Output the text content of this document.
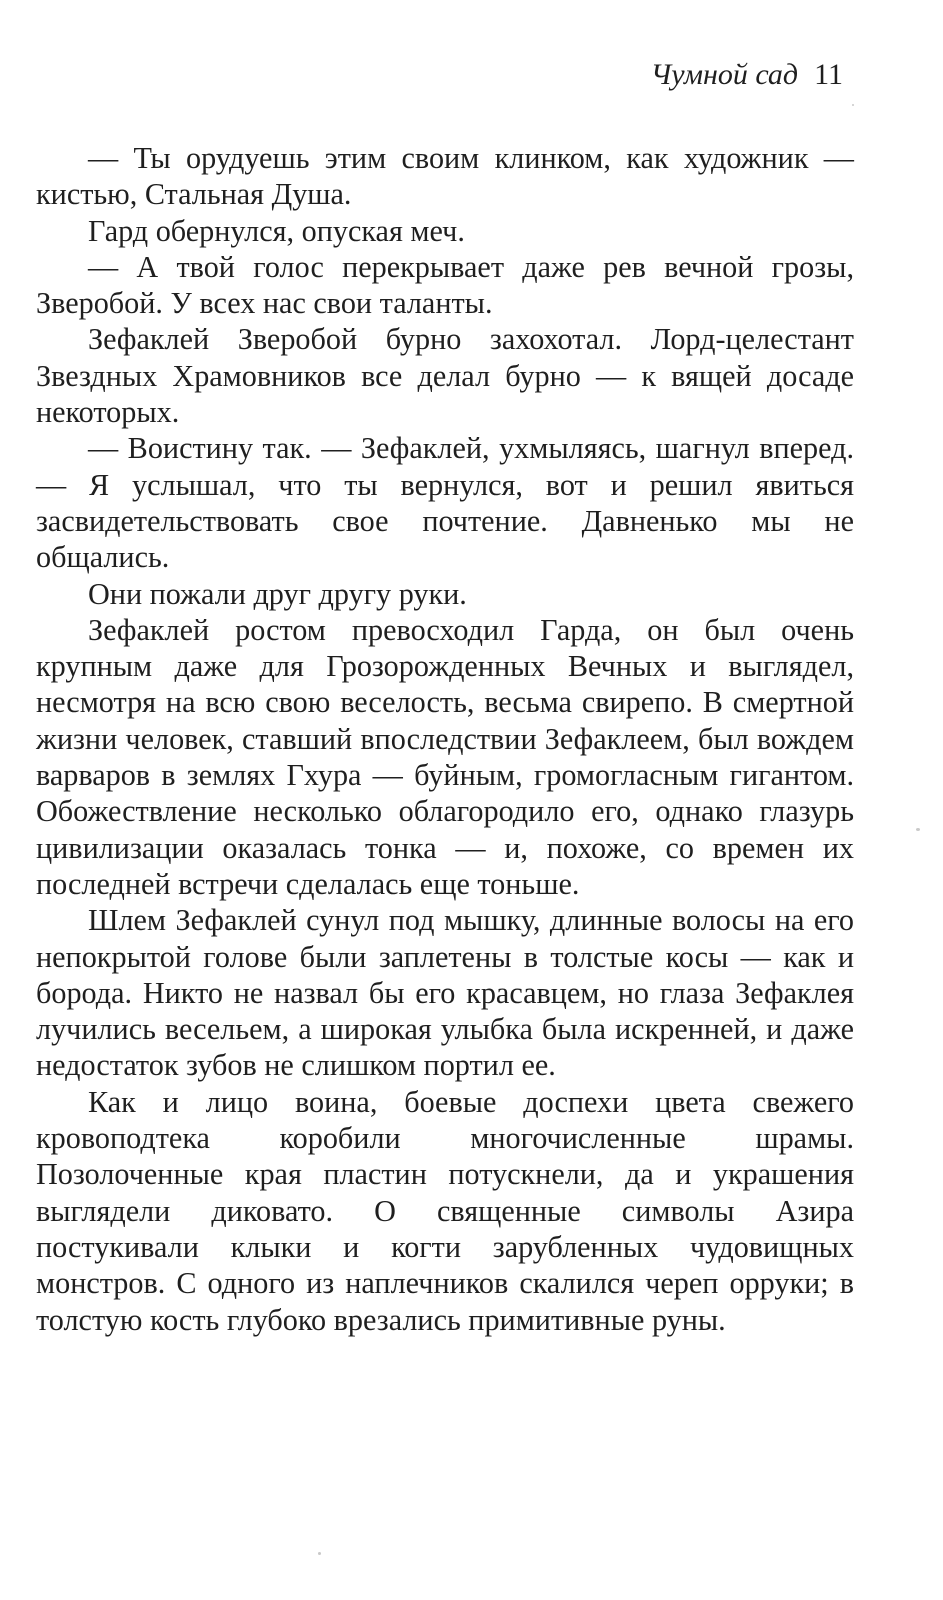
Чумной сад 11

— Ты орудуешь этим своим клинком, как художник — кистью, Стальная Душа.

Гард обернулся, опуская меч.

— А твой голос перекрывает даже рев вечной грозы, Зверобой. У всех нас свои таланты.

Зефаклей Зверобой бурно захохотал. Лорд-целестант Звездных Храмовников все делал бурно — к вящей досаде некоторых.

— Воистину так. — Зефаклей, ухмыляясь, шагнул вперед. — Я услышал, что ты вернулся, вот и решил явиться засвидетельствовать свое почтение. Давненько мы не общались.

Они пожали друг другу руки.

Зефаклей ростом превосходил Гарда, он был очень крупным даже для Грозорожденных Вечных и выглядел, несмотря на всю свою веселость, весьма свирепо. В смертной жизни человек, ставший впоследствии Зефаклеем, был вождем варваров в землях Гхура — буйным, громогласным гигантом. Обожествление несколько облагородило его, однако глазурь цивилизации оказалась тонка — и, похоже, со времен их последней встречи сделалась еще тоньше.

Шлем Зефаклей сунул под мышку, длинные волосы на его непокрытой голове были заплетены в толстые косы — как и борода. Никто не назвал бы его красавцем, но глаза Зефаклея лучились весельем, а широкая улыбка была искренней, и даже недостаток зубов не слишком портил ее.

Как и лицо воина, боевые доспехи цвета свежего кровоподтека коробили многочисленные шрамы. Позолоченные края пластин потускнели, да и украшения выглядели диковато. О священные символы Азира постукивали клыки и когти зарубленных чудовищных монстров. С одного из наплечников скалился череп орруки; в толстую кость глубоко врезались примитивные руны.
